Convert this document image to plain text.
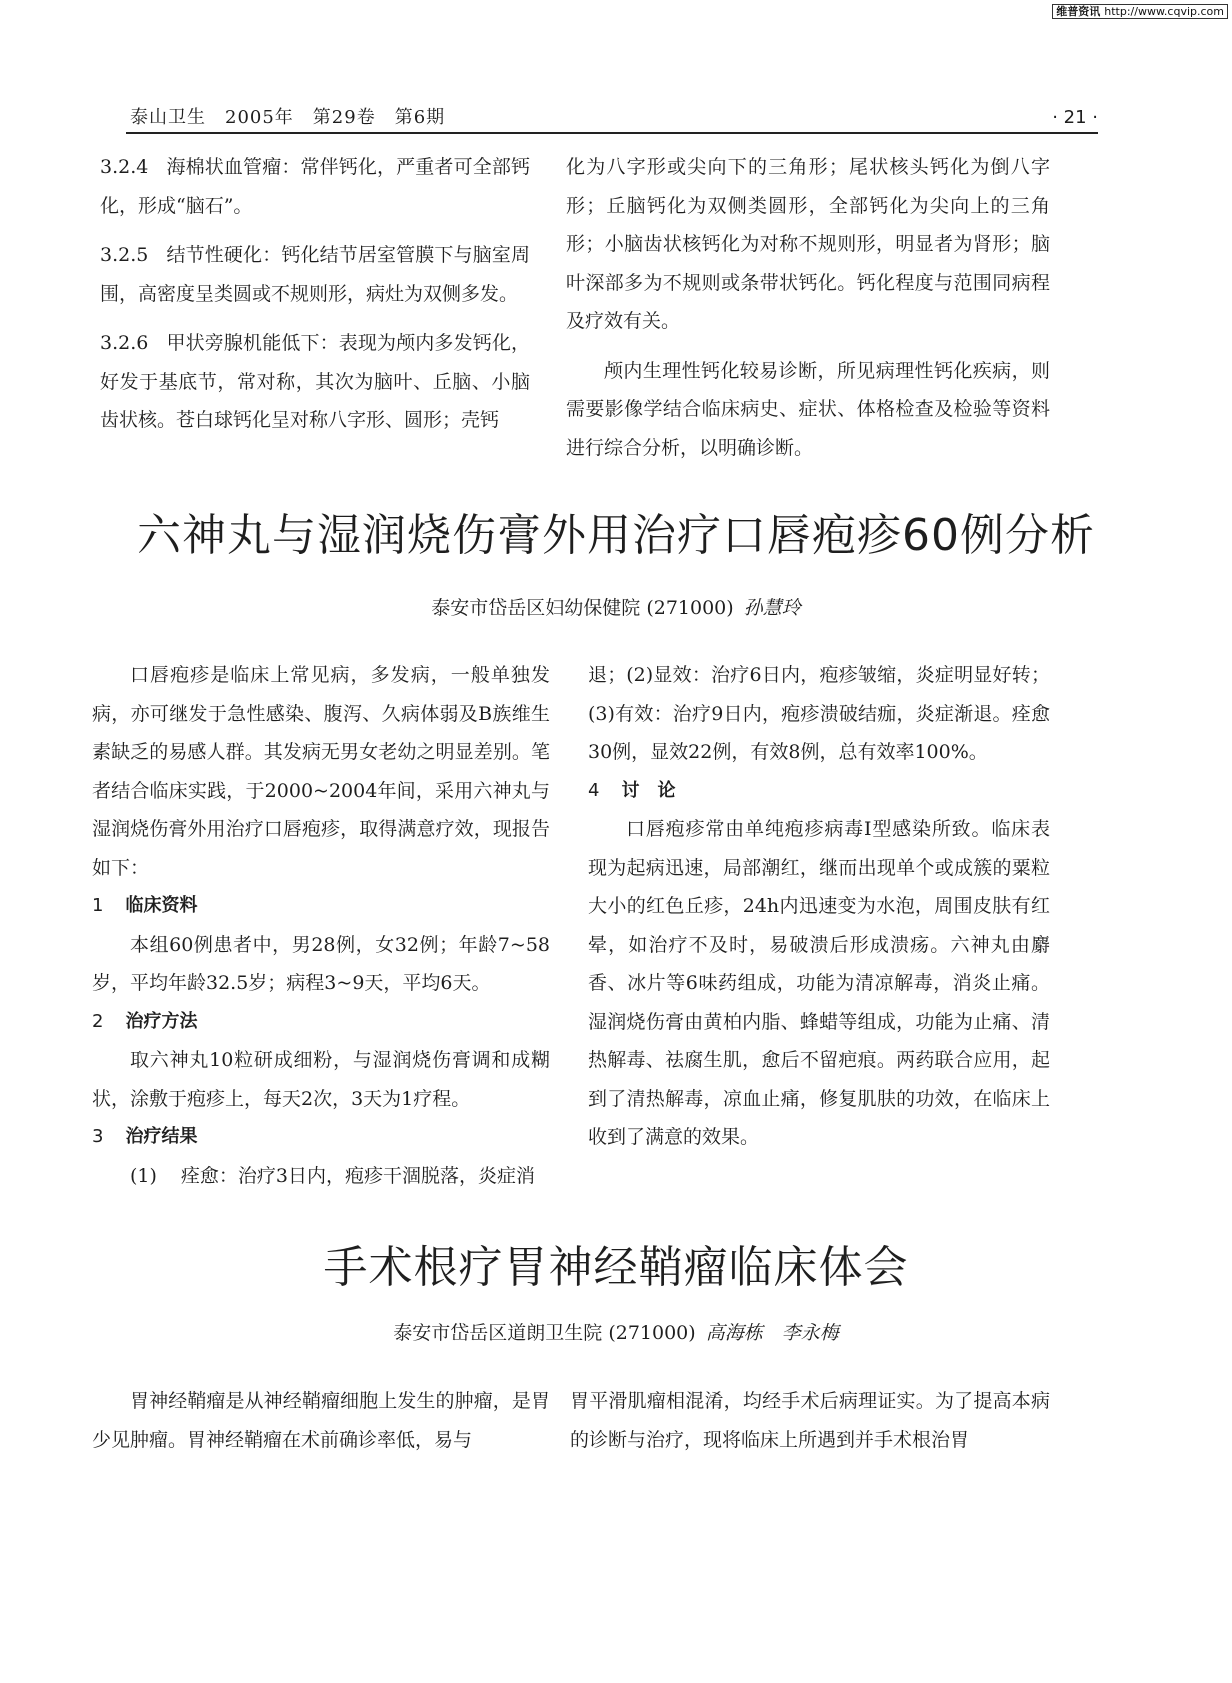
维普资讯 http://www.cqvip.com
泰山卫生　2005年　第29卷　第6期	· 21 ·

3.2.4 海棉状血管瘤：常伴钙化，严重者可全部钙化，形成“脑石”。

3.2.5 结节性硬化：钙化结节居室管膜下与脑室周围，高密度呈类圆或不规则形，病灶为双侧多发。

3.2.6 甲状旁腺机能低下：表现为颅内多发钙化，好发于基底节，常对称，其次为脑叶、丘脑、小脑齿状核。苍白球钙化呈对称八字形、圆形；壳钙

化为八字形或尖向下的三角形；尾状核头钙化为倒八字形；丘脑钙化为双侧类圆形，全部钙化为尖向上的三角形；小脑齿状核钙化为对称不规则形，明显者为肾形；脑叶深部多为不规则或条带状钙化。钙化程度与范围同病程及疗效有关。

颅内生理性钙化较易诊断，所见病理性钙化疾病，则需要影像学结合临床病史、症状、体格检查及检验等资料进行综合分析，以明确诊断。

六神丸与湿润烧伤膏外用治疗口唇疱疹60例分析
泰安市岱岳区妇幼保健院 (271000) 孙慧玲

口唇疱疹是临床上常见病，多发病，一般单独发病，亦可继发于急性感染、腹泻、久病体弱及B族维生素缺乏的易感人群。其发病无男女老幼之明显差别。笔者结合临床实践，于2000~2004年间，采用六神丸与湿润烧伤膏外用治疗口唇疱疹，取得满意疗效，现报告如下：

1 临床资料

本组60例患者中，男28例，女32例；年龄7~58岁，平均年龄32.5岁；病程3~9天，平均6天。

2 治疗方法

取六神丸10粒研成细粉，与湿润烧伤膏调和成糊状，涂敷于疱疹上，每天2次，3天为1疗程。

3 治疗结果

(1) 痊愈：治疗3日内，疱疹干涸脱落，炎症消

退；(2)显效：治疗6日内，疱疹皱缩，炎症明显好转；(3)有效：治疗9日内，疱疹溃破结痂，炎症渐退。痊愈30例，显效22例，有效8例，总有效率100%。

4 讨　论

口唇疱疹常由单纯疱疹病毒Ⅰ型感染所致。临床表现为起病迅速，局部潮红，继而出现单个或成簇的粟粒大小的红色丘疹，24h内迅速变为水泡，周围皮肤有红晕，如治疗不及时，易破溃后形成溃疡。六神丸由麝香、冰片等6味药组成，功能为清凉解毒，消炎止痛。湿润烧伤膏由黄柏内脂、蜂蜡等组成，功能为止痛、清热解毒、祛腐生肌，愈后不留疤痕。两药联合应用，起到了清热解毒，凉血止痛，修复肌肤的功效，在临床上收到了满意的效果。

手术根疗胃神经鞘瘤临床体会
泰安市岱岳区道朗卫生院 (271000) 高海栋　李永梅

胃神经鞘瘤是从神经鞘瘤细胞上发生的肿瘤，是胃少见肿瘤。胃神经鞘瘤在术前确诊率低，易与

胃平滑肌瘤相混淆，均经手术后病理证实。为了提高本病的诊断与治疗，现将临床上所遇到并手术根治胃
